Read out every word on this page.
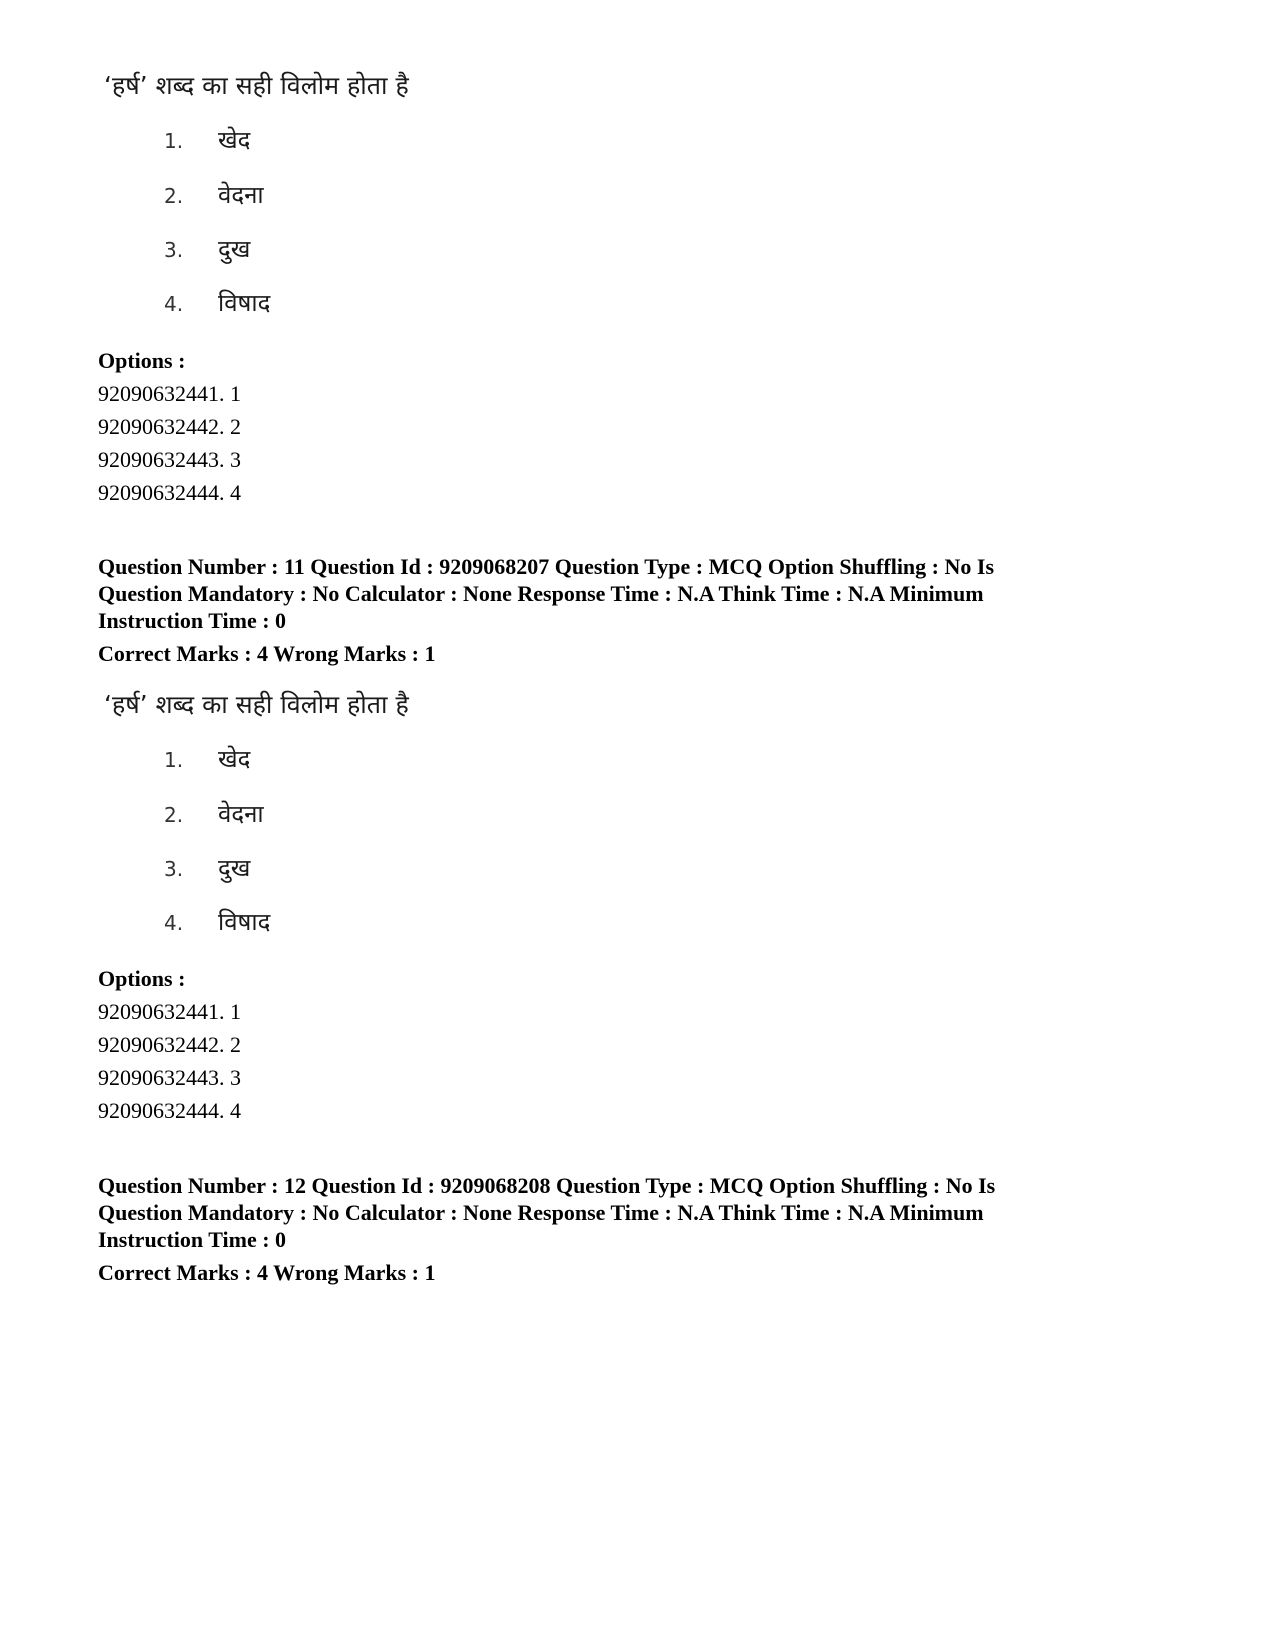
‘हर्ष’ शब्द का सही विलोम होता है
1. खेद
2. वेदना
3. दुख
4. विषाद
Options :
92090632441. 1
92090632442. 2
92090632443. 3
92090632444. 4
Question Number : 11 Question Id : 9209068207 Question Type : MCQ Option Shuffling : No Is
Question Mandatory : No Calculator : None Response Time : N.A Think Time : N.A Minimum
Instruction Time : 0
Correct Marks : 4 Wrong Marks : 1
‘हर्ष’ शब्द का सही विलोम होता है
1. खेद
2. वेदना
3. दुख
4. विषाद
Options :
92090632441. 1
92090632442. 2
92090632443. 3
92090632444. 4
Question Number : 12 Question Id : 9209068208 Question Type : MCQ Option Shuffling : No Is
Question Mandatory : No Calculator : None Response Time : N.A Think Time : N.A Minimum
Instruction Time : 0
Correct Marks : 4 Wrong Marks : 1
